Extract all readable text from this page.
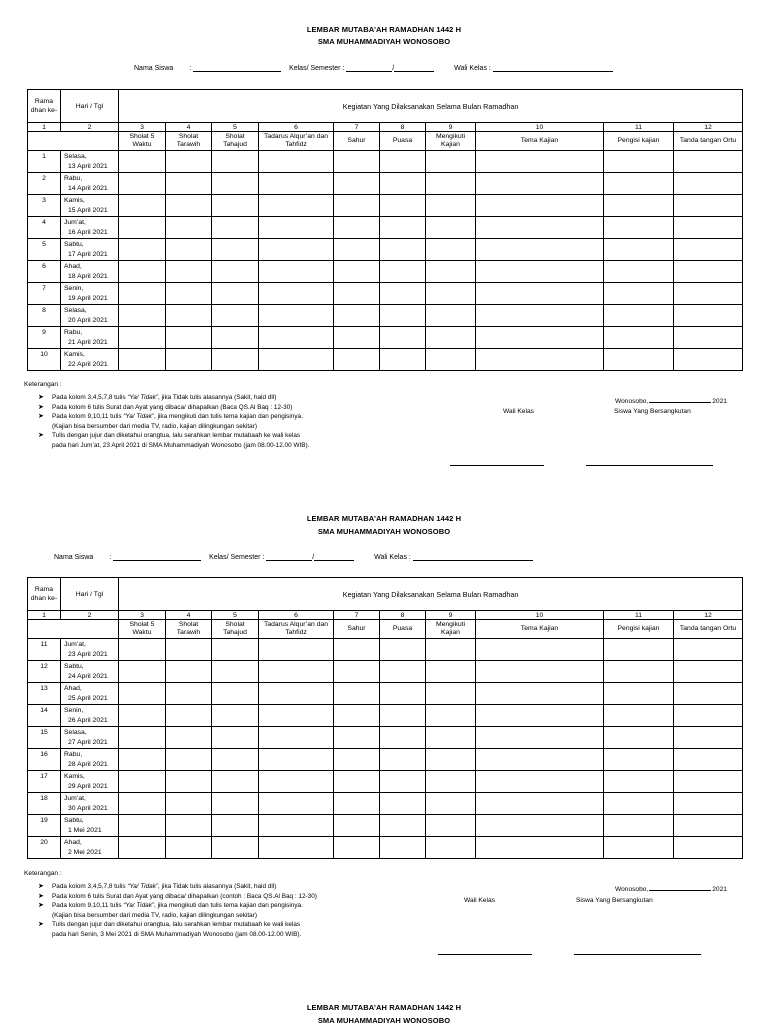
LEMBAR MUTABA’AH RAMADHAN 1442 H
SMA MUHAMMADIYAH WONOSOBO
Nama Siswa :	Kelas/ Semester :	/	Wali Kelas :
Rama dhan ke-	Hari / Tgl	Kegiatan Yang Dilaksanakan Selama Bulan Ramadhan									
1	2	3	4	5	6	7	8	9	10	11	12
		Sholat 5 Waktu	Sholat Tarawih	Sholat Tahajud	Tadarus Alqur’an dan Tahfidz	Sahur	Puasa	Mengikuti Kajian	Tema Kajian	Pengisi kajian	Tanda tangan Ortu
1	Selasa,
13 April 2021										

2	Rabu,
14 April 2021										

3	Kamis,
15 April 2021										

4	Jum’at,
16 April 2021										

5	Sabtu,
17 April 2021										

6	Ahad,
18 April 2021										

7	Senin,
19 April 2021										

8	Selasa,
20 April 2021										

9	Rabu,
21 April 2021										

10	Kamis,
22 April 2021										

Keterangan :
➤ Pada kolom 3,4,5,7,8 tulis “Ya/ Tidak”, jika Tidak tulis alasannya (Sakit, haid dll)
➤ Pada kolom 6 tulis Surat dan Ayat yang dibaca/ dihapalkan (Baca QS.Al Baq : 12-30)
➤ Pada kolom 9,10,11 tulis “Ya/ Tidak”, jika mengikuti dan tulis tema kajian dan pengisinya.
(Kajian bisa bersumber dari media TV, radio, kajian dilingkungan sekitar)
➤ Tulis dengan jujur dan diketahui orangtua, lalu serahkan lembar mutabaah ke wali kelas
pada hari Jum’at, 23 April 2021 di SMA Muhammadiyah Wonosobo (jam 08.00-12.00 WIB).
Wonosobo,	2021
Wali Kelas	Siswa Yang Bersangkutan
LEMBAR MUTABA’AH RAMADHAN 1442 H
SMA MUHAMMADIYAH WONOSOBO
Nama Siswa :	Kelas/ Semester :	/	Wali Kelas :
Rama dhan ke-	Hari / Tgl	Kegiatan Yang Dilaksanakan Selama Bulan Ramadhan									
1	2	3	4	5	6	7	8	9	10	11	12
		Sholat 5 Waktu	Sholat Tarawih	Sholat Tahajud	Tadarus Alqur’an dan Tahfidz	Sahur	Puasa	Mengikuti Kajian	Tema Kajian	Pengisi kajian	Tanda tangan Ortu
11	Jum’at,
23 April 2021										

12	Sabtu,
24 April 2021										

13	Ahad,
25 April 2021										

14	Senin,
26 April 2021										

15	Selasa,
27 April 2021										

16	Rabu,
28 April 2021										

17	Kamis,
29 April 2021										

18	Jum’at,
30 April 2021										

19	Sabtu,
1 Mei 2021										

20	Ahad,
2 Mei 2021										

Keterangan :
➤ Pada kolom 3,4,5,7,8 tulis “Ya/ Tidak”, jika Tidak tulis alasannya (Sakit, haid dll)
➤ Pada kolom 6 tulis Surat dan Ayat yang dibaca/ dihapalkan (contoh : Baca QS.Al Baq : 12-30)
➤ Pada kolom 9,10,11 tulis “Ya/ Tidak”, jika mengikuti dan tulis tema kajian dan pengisinya.
(Kajian bisa bersumber dari media TV, radio, kajian dilingkungan sekitar)
➤ Tulis dengan jujur dan diketahui orangtua, lalu serahkan lembar mutabaah ke wali kelas
pada hari Senin, 3 Mei 2021 di SMA Muhammadiyah Wonosobo (jam 08.00-12.00 WIB).
Wonosobo,	2021
Wali Kelas	Siswa Yang Bersangkutan
LEMBAR MUTABA’AH RAMADHAN 1442 H
SMA MUHAMMADIYAH WONOSOBO
